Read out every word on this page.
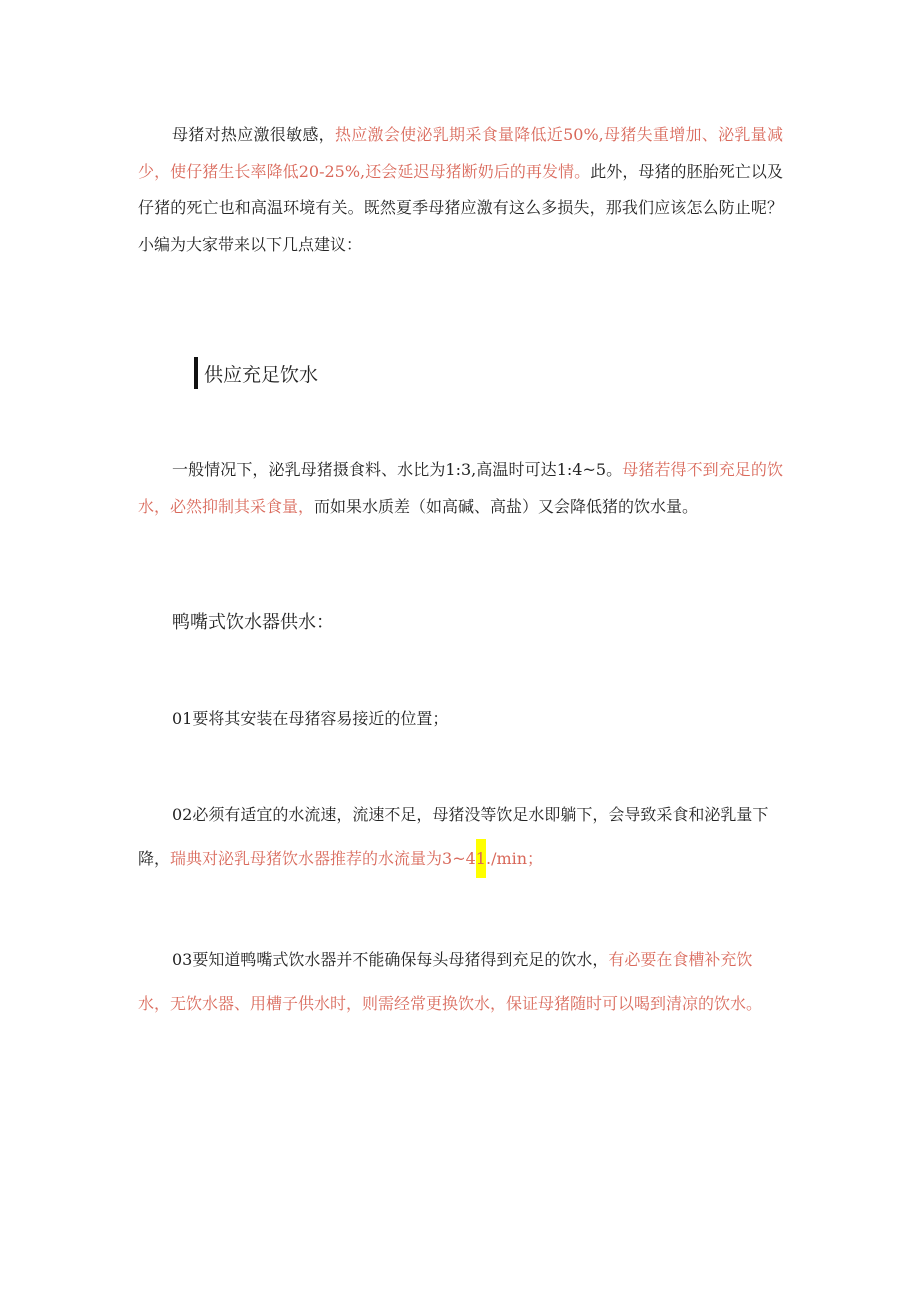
母猪对热应激很敏感，热应激会使泌乳期采食量降低近50%,母猪失重增加、泌乳量减少，使仔猪生长率降低20-25%,还会延迟母猪断奶后的再发情。此外，母猪的胚胎死亡以及仔猪的死亡也和高温环境有关。既然夏季母猪应激有这么多损失，那我们应该怎么防止呢？小编为大家带来以下几点建议：

供应充足饮水

一般情况下，泌乳母猪摄食料、水比为1:3,高温时可达1:4~5。母猪若得不到充足的饮水，必然抑制其采食量，而如果水质差（如高碱、高盐）又会降低猪的饮水量。

鸭嘴式饮水器供水：

01要将其安装在母猪容易接近的位置；

02必须有适宜的水流速，流速不足，母猪没等饮足水即躺下，会导致采食和泌乳量下降，瑞典对泌乳母猪饮水器推荐的水流量为3~41./min；

03要知道鸭嘴式饮水器并不能确保每头母猪得到充足的饮水，有必要在食槽补充饮水，无饮水器、用槽子供水时，则需经常更换饮水，保证母猪随时可以喝到清凉的饮水。
